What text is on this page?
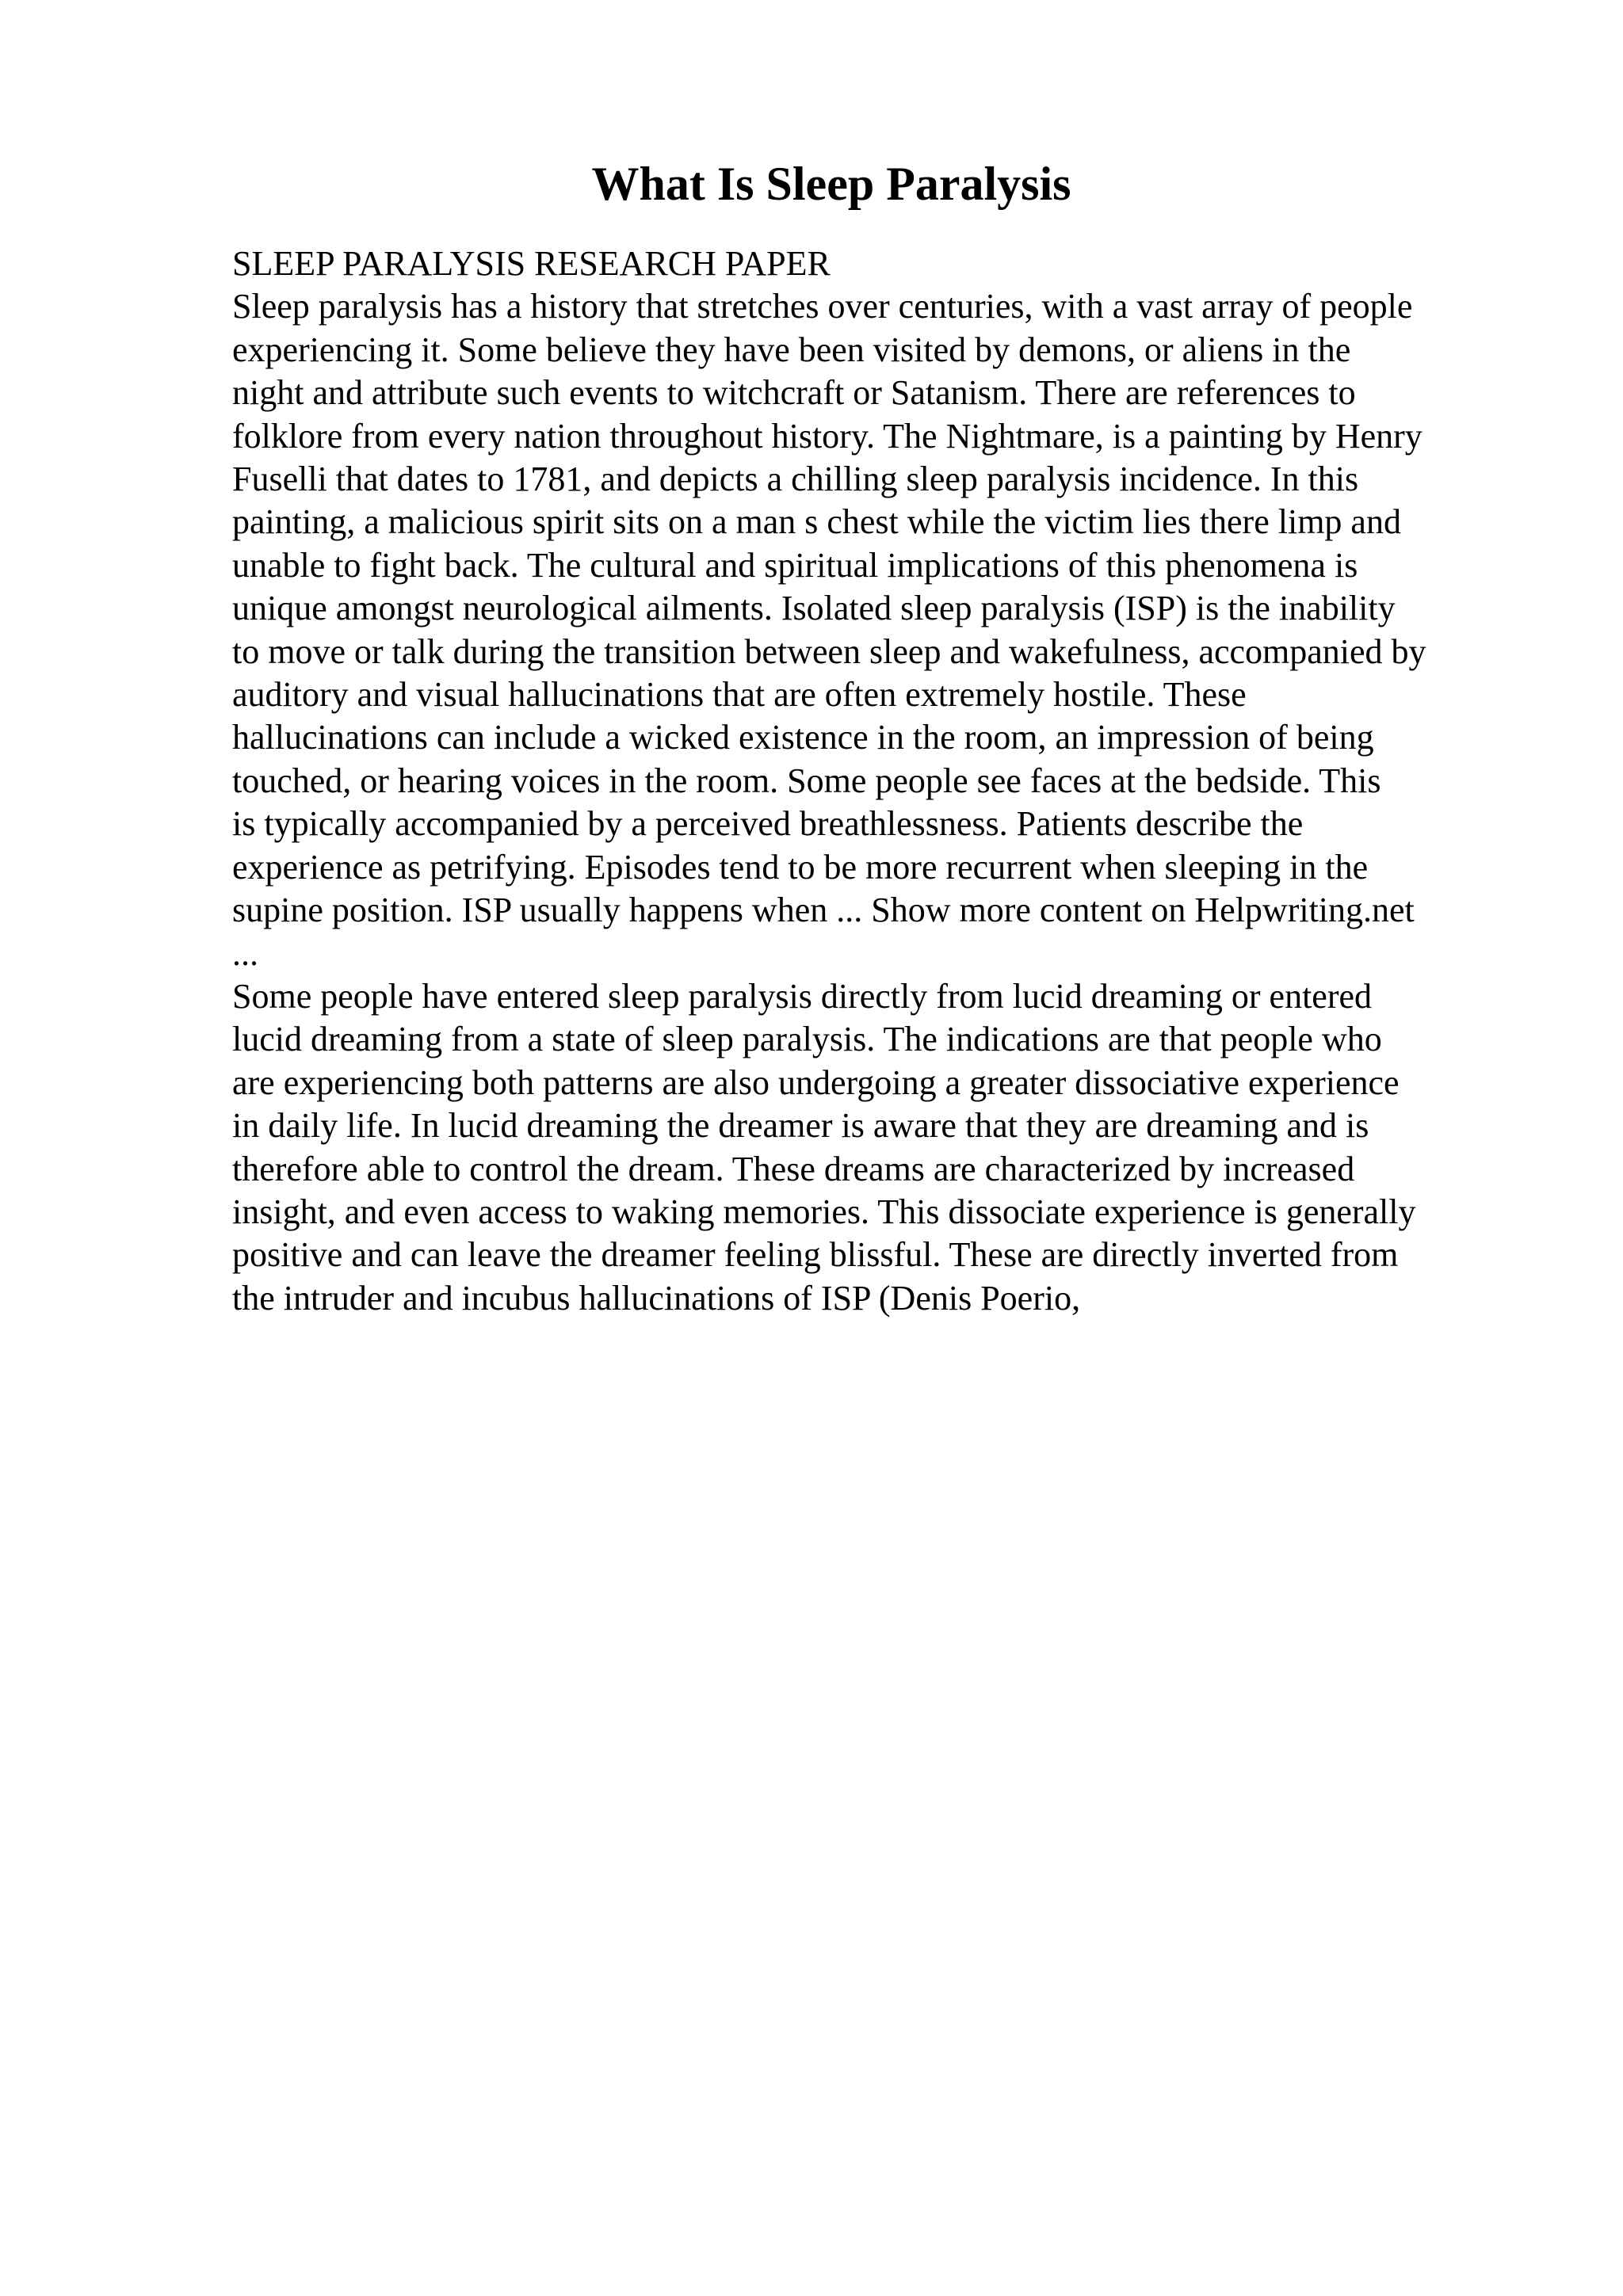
What Is Sleep Paralysis
SLEEP PARALYSIS RESEARCH PAPER
Sleep paralysis has a history that stretches over centuries, with a vast array of people
experiencing it. Some believe they have been visited by demons, or aliens in the
night and attribute such events to witchcraft or Satanism. There are references to
folklore from every nation throughout history. The Nightmare, is a painting by Henry
Fuselli that dates to 1781, and depicts a chilling sleep paralysis incidence. In this
painting, a malicious spirit sits on a man s chest while the victim lies there limp and
unable to fight back. The cultural and spiritual implications of this phenomena is
unique amongst neurological ailments. Isolated sleep paralysis (ISP) is the inability
to move or talk during the transition between sleep and wakefulness, accompanied by
auditory and visual hallucinations that are often extremely hostile. These
hallucinations can include a wicked existence in the room, an impression of being
touched, or hearing voices in the room. Some people see faces at the bedside. This
is typically accompanied by a perceived breathlessness. Patients describe the
experience as petrifying. Episodes tend to be more recurrent when sleeping in the
supine position. ISP usually happens when ... Show more content on Helpwriting.net
...
Some people have entered sleep paralysis directly from lucid dreaming or entered
lucid dreaming from a state of sleep paralysis. The indications are that people who
are experiencing both patterns are also undergoing a greater dissociative experience
in daily life. In lucid dreaming the dreamer is aware that they are dreaming and is
therefore able to control the dream. These dreams are characterized by increased
insight, and even access to waking memories. This dissociate experience is generally
positive and can leave the dreamer feeling blissful. These are directly inverted from
the intruder and incubus hallucinations of ISP (Denis Poerio,
